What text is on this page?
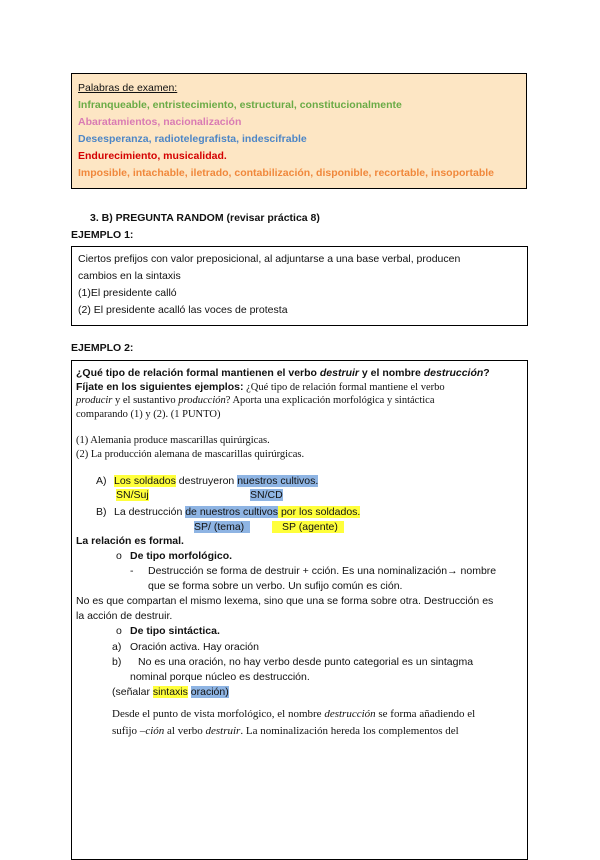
Palabras de examen:
Infranqueable, entristecimiento, estructural, constitucionalmente
Abaratamientos, nacionalización
Desesperanza, radiotelegrafista, indescifrable
Endurecimiento, musicalidad.
Imposible, intachable, iletrado, contabilización, disponible, recortable, insoportable
3. B) PREGUNTA RANDOM (revisar práctica 8)
EJEMPLO 1:
Ciertos prefijos con valor preposicional, al adjuntarse a una base verbal, producen
cambios en la sintaxis
(1)El presidente calló
(2) El presidente acalló las voces de protesta
EJEMPLO 2:
¿Qué tipo de relación formal mantienen el verbo destruir y el nombre destrucción?
Fíjate en los siguientes ejemplos: ¿Qué tipo de relación formal mantiene el verbo
producir y el sustantivo producción? Aporta una explicación morfológica y sintáctica
comparando (1) y (2). (1 PUNTO)
(1) Alemania produce mascarillas quirúrgicas.
(2) La producción alemana de mascarillas quirúrgicas.
A) Los soldados destruyeron nuestros cultivos.
SN/Suj	SN/CD
B) La destrucción de nuestros cultivos por los soldados.
SP/ (tema)	SP (agente)
La relación es formal.
o De tipo morfológico.
- Destrucción se forma de destruir + cción. Es una nominalización→ nombre
que se forma sobre un verbo. Un sufijo común es ción.
No es que compartan el mismo lexema, sino que una se forma sobre otra. Destrucción es
la acción de destruir.
o De tipo sintáctica.
a) Oración activa. Hay oración
b) No es una oración, no hay verbo desde punto categorial es un sintagma
nominal porque núcleo es destrucción.
(señalar sintaxis oración)
Desde el punto de vista morfológico, el nombre destrucción se forma añadiendo el
sufijo –ción al verbo destruir. La nominalización hereda los complementos del
